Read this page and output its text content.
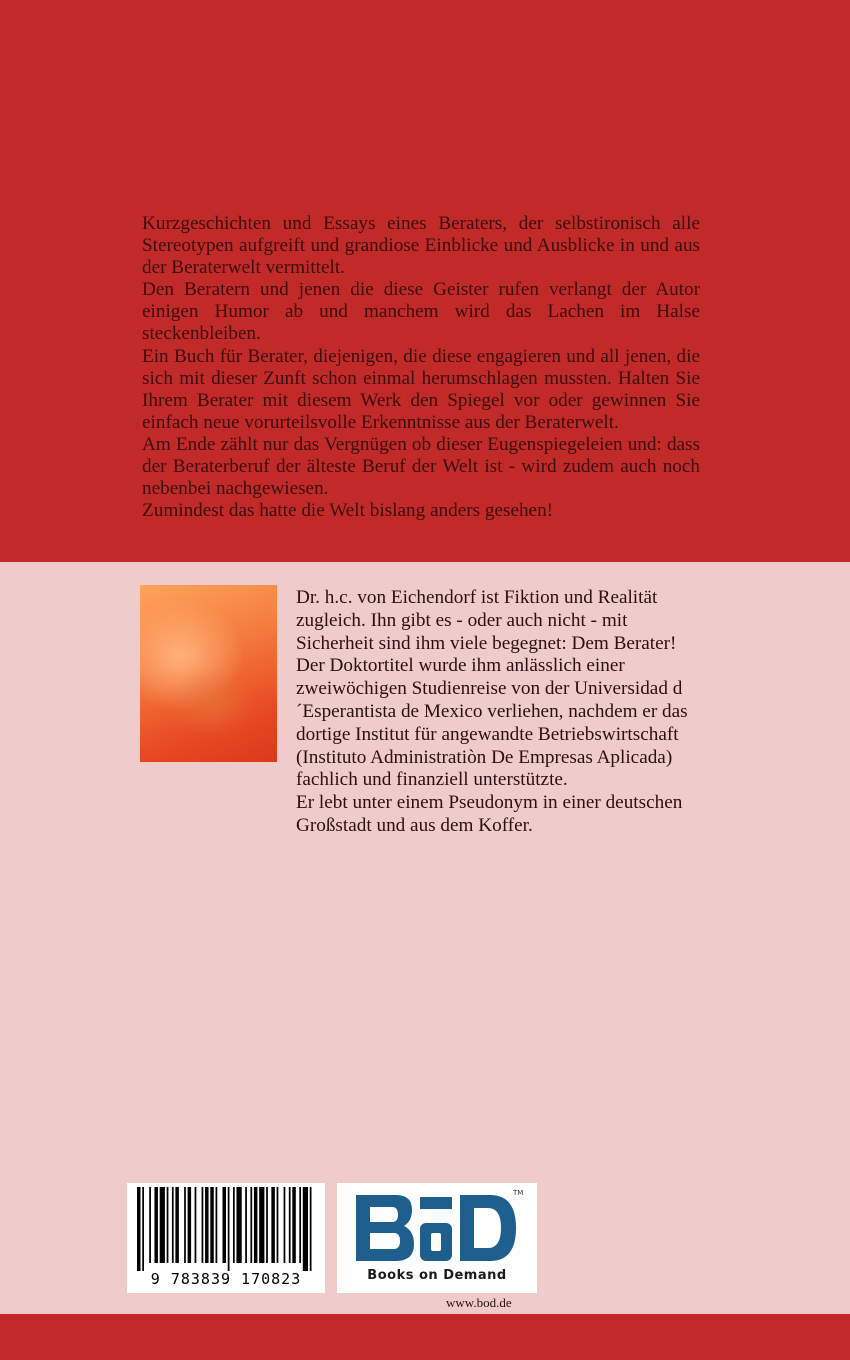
Kurzgeschichten und Essays eines Beraters, der selbstironisch alle Stereotypen aufgreift und grandiose Einblicke und Ausblicke in und aus der Beraterwelt vermittelt.

Den Beratern und jenen die diese Geister rufen verlangt der Autor einigen Humor ab und manchem wird das Lachen im Halse steckenbleiben.

Ein Buch für Berater, diejenigen, die diese engagieren und all jenen, die sich mit dieser Zunft schon einmal herumschlagen mussten. Halten Sie Ihrem Berater mit diesem Werk den Spiegel vor oder gewinnen Sie einfach neue vorurteilsvolle Erkenntnisse aus der Beraterwelt.

Am Ende zählt nur das Vergnügen ob dieser Eugenspiegeleien und: dass der Beraterberuf der älteste Beruf der Welt ist - wird zudem auch noch nebenbei nachgewiesen.

Zumindest das hatte die Welt bislang anders gesehen!

Dr. h.c. von Eichendorf ist Fiktion und Realität zugleich. Ihn gibt es - oder auch nicht - mit Sicherheit sind ihm viele begegnet: Dem Berater!

Der Doktortitel wurde ihm anlässlich einer zweiwöchigen Studienreise von der Universidad d´Esperantista de Mexico verliehen, nachdem er das dortige Institut für angewandte Betriebswirtschaft (Instituto Administratiòn De Empresas Aplicada) fachlich und finanziell unterstützte.

Er lebt unter einem Pseudonym in einer deutschen Großstadt und aus dem Koffer.

9 783839 170823
TM
Books on Demand
www.bod.de
